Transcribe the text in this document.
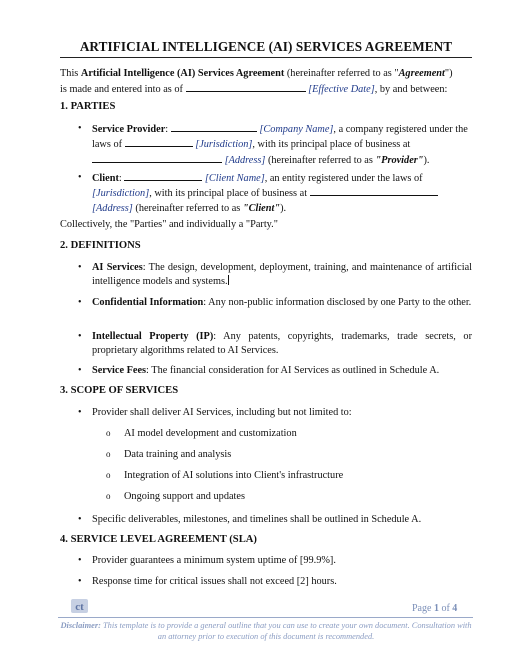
ARTIFICIAL INTELLIGENCE (AI) SERVICES AGREEMENT
This Artificial Intelligence (AI) Services Agreement (hereinafter referred to as "Agreement")
is made and entered into as of	[Effective Date], by and between:
1. PARTIES
• Service Provider:	[Company Name], a company registered under the
laws of	[Jurisdiction], with its principal place of business at
[Address] (hereinafter referred to as "Provider").
• Client:	[Client Name], an entity registered under the laws of
[Jurisdiction], with its principal place of business at
[Address] (hereinafter referred to as "Client").
Collectively, the "Parties" and individually a "Party."
2. DEFINITIONS
• AI Services: The design, development, deployment, training, and maintenance of artificial intelligence models and systems.
• Confidential Information: Any non-public information disclosed by one Party to the other.
• Intellectual Property (IP): Any patents, copyrights, trademarks, trade secrets, or proprietary algorithms related to AI Services.
• Service Fees: The financial consideration for AI Services as outlined in Schedule A.
3. SCOPE OF SERVICES
• Provider shall deliver AI Services, including but not limited to:
o AI model development and customization
o Data training and analysis
o Integration of AI solutions into Client's infrastructure
o Ongoing support and updates
• Specific deliverables, milestones, and timelines shall be outlined in Schedule A.
4. SERVICE LEVEL AGREEMENT (SLA)
• Provider guarantees a minimum system uptime of [99.9%].
• Response time for critical issues shall not exceed [2] hours.
ct	Page 1 of 4
Disclaimer: This template is to provide a general outline that you can use to create your own document. Consultation with an attorney prior to execution of this document is recommended.
